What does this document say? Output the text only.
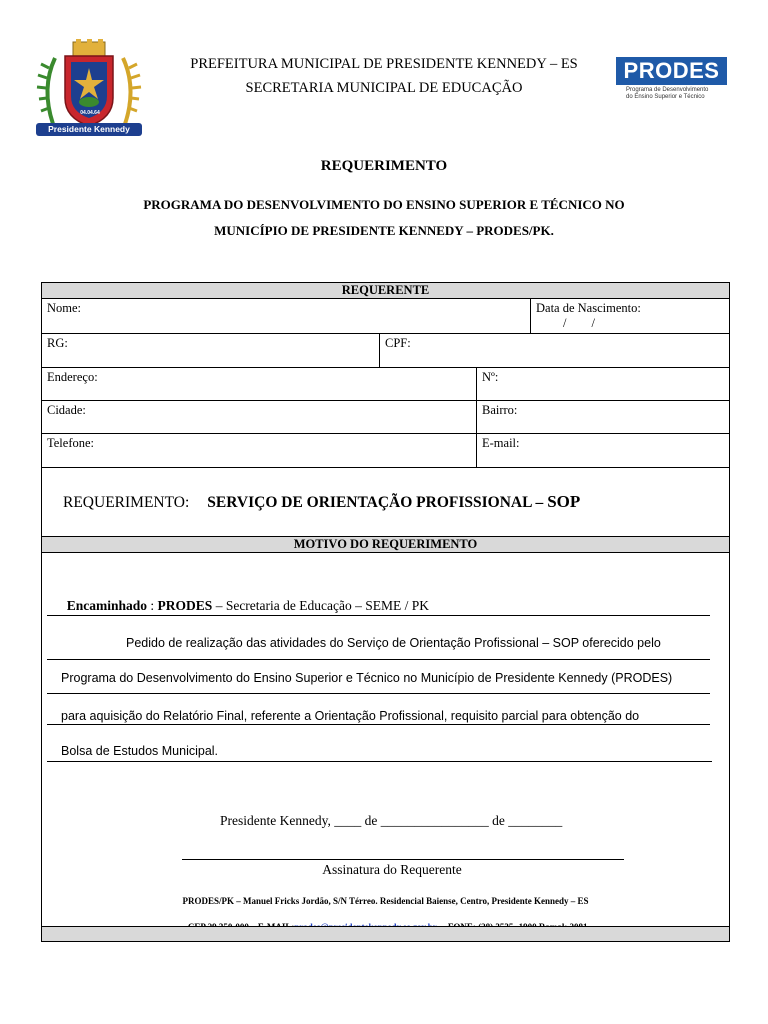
04.04.64
Presidente Kennedy
PREFEITURA MUNICIPAL DE PRESIDENTE KENNEDY – ES
SECRETARIA MUNICIPAL DE EDUCAÇÃO
PRODES
Programa de Desenvolvimento
do Ensino Superior e Técnico
REQUERIMENTO
PROGRAMA DO DESENVOLVIMENTO DO ENSINO SUPERIOR E TÉCNICO NO
MUNICÍPIO DE PRESIDENTE KENNEDY – PRODES/PK.
REQUERENTE
Nome:	Data de Nascimento:
/        /
RG:	CPF:
Endereço:	Nº:
Cidade:	Bairro:
Telefone:	E-mail:
REQUERIMENTO: SERVIÇO DE ORIENTAÇÃO PROFISSIONAL – SOP
MOTIVO DO REQUERIMENTO

Encaminhado : PRODES – Secretaria de Educação – SEME / PK

Pedido de realização das atividades do Serviço de Orientação Profissional – SOP oferecido pelo
Programa do Desenvolvimento do Ensino Superior e Técnico no Município de Presidente Kennedy (PRODES)
para aquisição do Relatório Final, referente a Orientação Profissional, requisito parcial para obtenção do
Bolsa de Estudos Municipal.
Presidente Kennedy, ____ de ________________ de ________
Assinatura do Requerente
PRODES/PK – Manuel Fricks Jordão, S/N Térreo. Residencial Baiense, Centro, Presidente Kennedy – ES
